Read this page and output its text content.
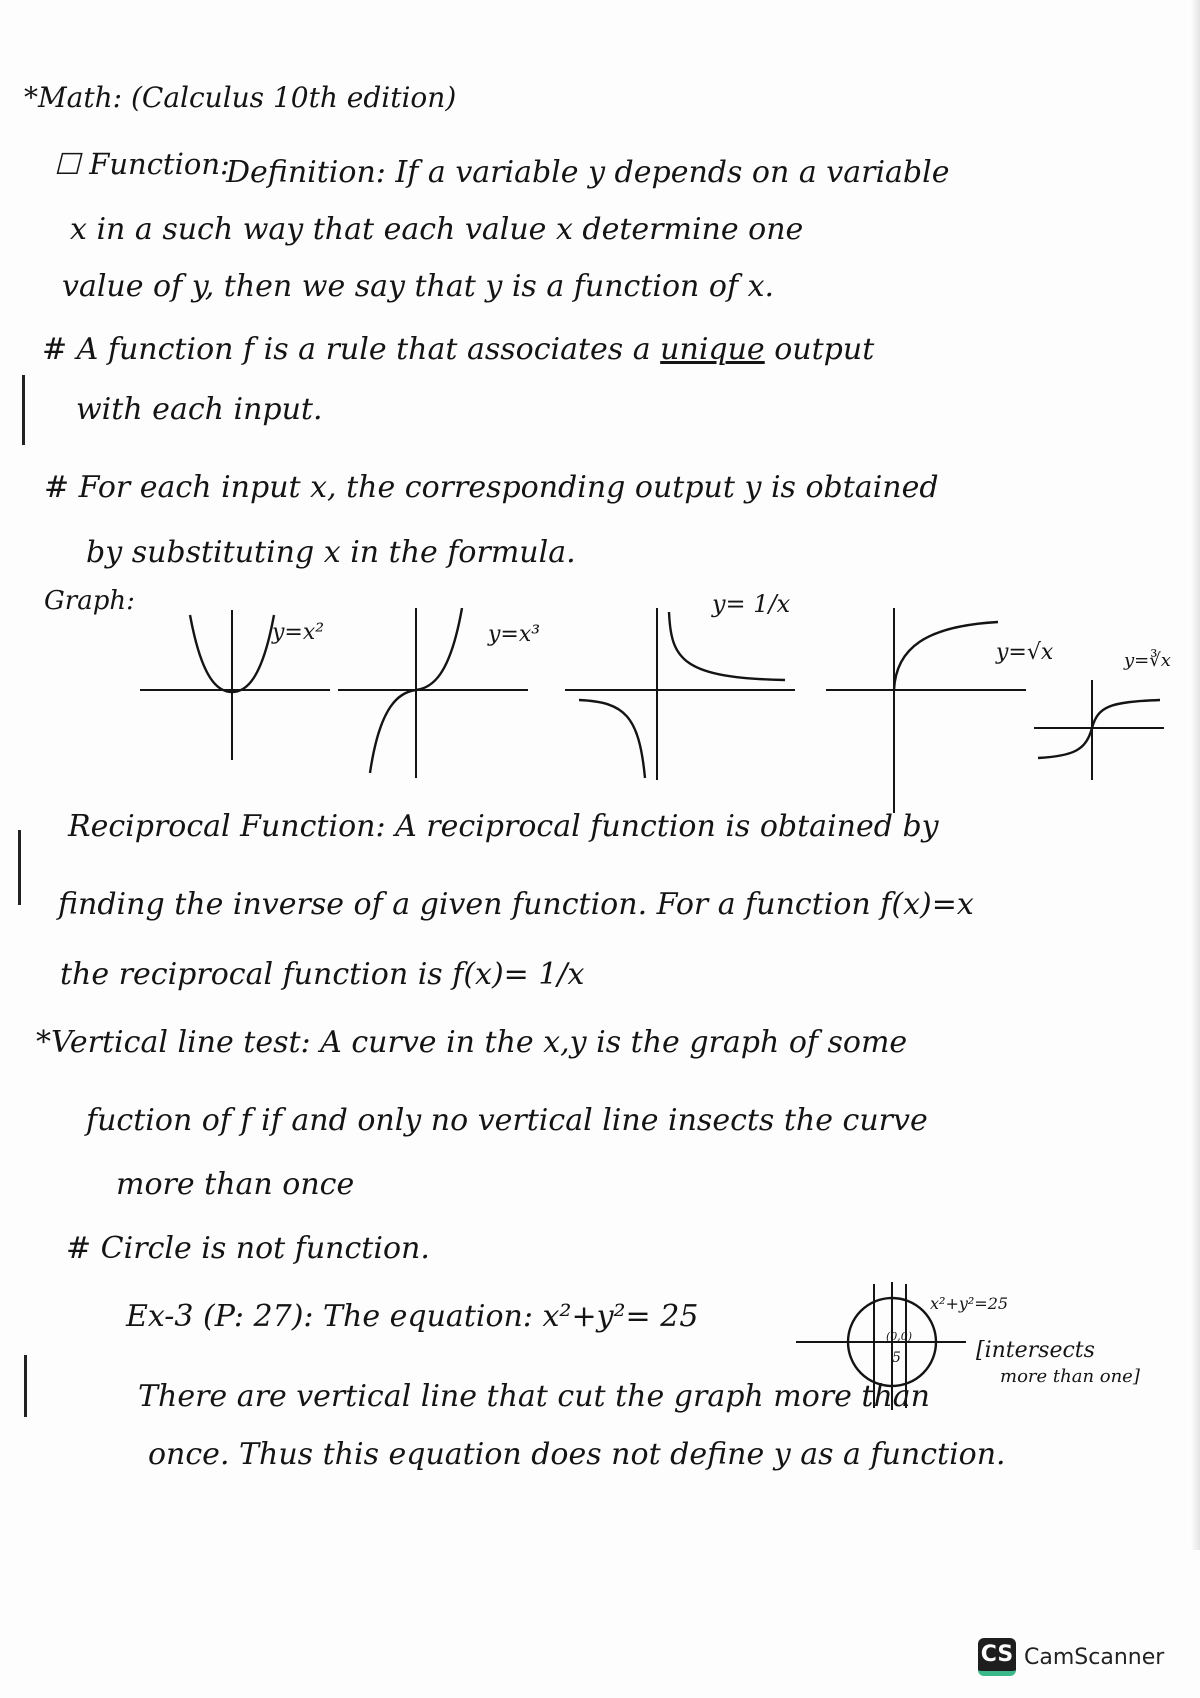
*Math: (Calculus 10th edition)
☐ Function:
Definition: If a variable y depends on a variable
x in a such way that each value x determine one
value of y, then we say that y is a function of x.
# A function f is a rule that associates a unique output
with each input.
# For each input x, the corresponding output y is obtained
by substituting x in the formula.
Graph:
y=x²	y=x³
y= 1/x
y=√x	y=∛x
Reciprocal Function: A reciprocal function is obtained by
finding the inverse of a given function. For a function f(x)=x
the reciprocal function is f(x)= 1/x
*Vertical line test: A curve in the x,y is the graph of some
fuction of f if and only no vertical line insects the curve
more than once
# Circle is not function.
Ex-3 (P: 27): The equation: x²+y²= 25	x²+y²=25
(0,0)
5	[intersects
more than one]
There are vertical line that cut the graph more than
once. Thus this equation does not define y as a function.
CS CamScanner
